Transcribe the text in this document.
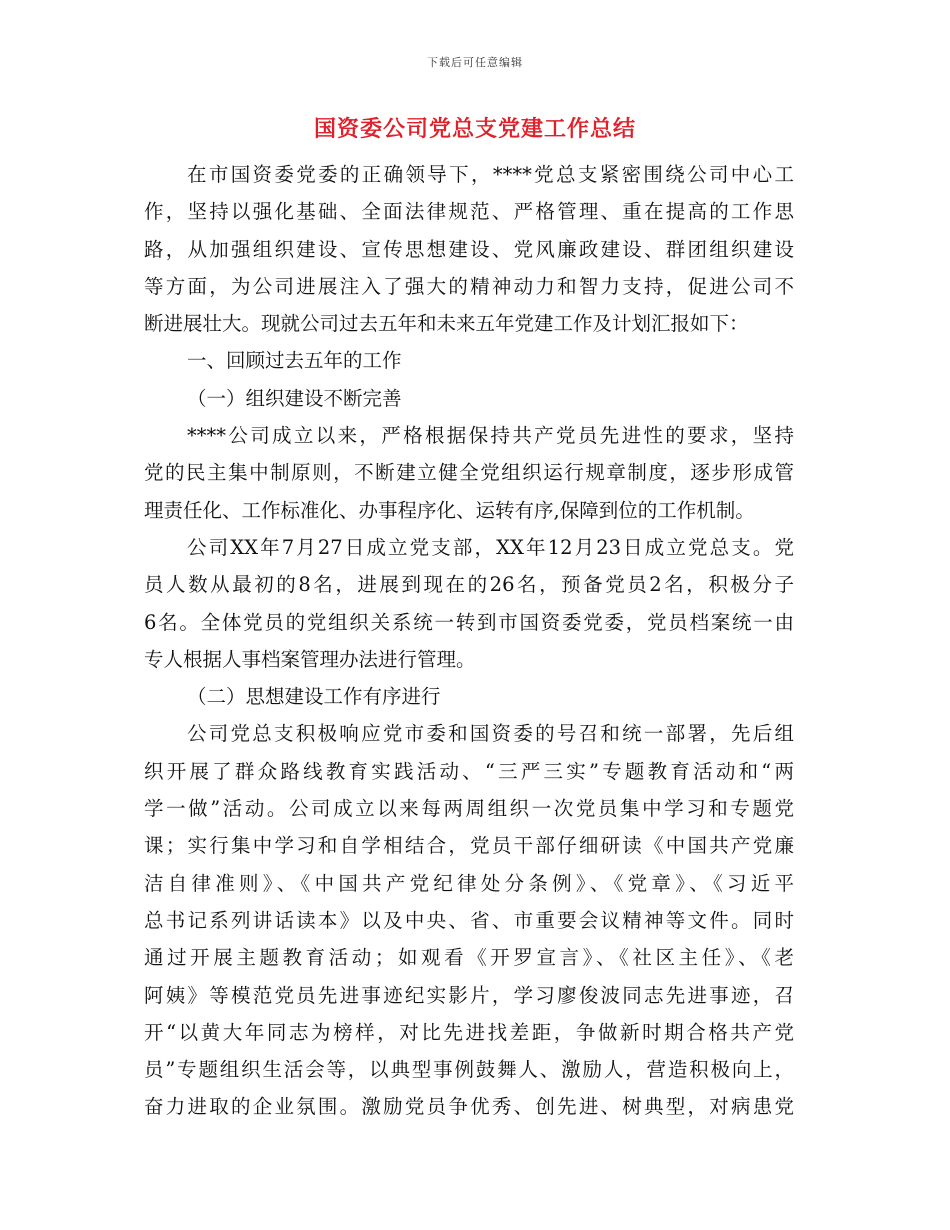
下载后可任意编辑
国资委公司党总支党建工作总结
在市国资委党委的正确领导下，****党总支紧密围绕公司中心工
作，坚持以强化基础、全面法律规范、严格管理、重在提高的工作思
路，从加强组织建设、宣传思想建设、党风廉政建设、群团组织建设
等方面，为公司进展注入了强大的精神动力和智力支持，促进公司不
断进展壮大。现就公司过去五年和未来五年党建工作及计划汇报如下：
一、回顾过去五年的工作
（一）组织建设不断完善
****公司成立以来，严格根据保持共产党员先进性的要求，坚持
党的民主集中制原则，不断建立健全党组织运行规章制度，逐步形成管
理责任化、工作标准化、办事程序化、运转有序,保障到位的工作机制。
公司XX年7月27日成立党支部，XX年12月23日成立党总支。党
员人数从最初的8名，进展到现在的26名，预备党员2名，积极分子
6名。全体党员的党组织关系统一转到市国资委党委，党员档案统一由
专人根据人事档案管理办法进行管理。
（二）思想建设工作有序进行
公司党总支积极响应党市委和国资委的号召和统一部署，先后组
织开展了群众路线教育实践活动、“三严三实”专题教育活动和“两
学一做”活动。公司成立以来每两周组织一次党员集中学习和专题党
课；实行集中学习和自学相结合，党员干部仔细研读《中国共产党廉
洁自律准则》、《中国共产党纪律处分条例》、《党章》、《习近平
总书记系列讲话读本》以及中央、省、市重要会议精神等文件。同时
通过开展主题教育活动；如观看《开罗宣言》、《社区主任》、《老
阿姨》等模范党员先进事迹纪实影片，学习廖俊波同志先进事迹，召
开“以黄大年同志为榜样，对比先进找差距，争做新时期合格共产党
员”专题组织生活会等，以典型事例鼓舞人、激励人，营造积极向上，
奋力进取的企业氛围。激励党员争优秀、创先进、树典型，对病患党
